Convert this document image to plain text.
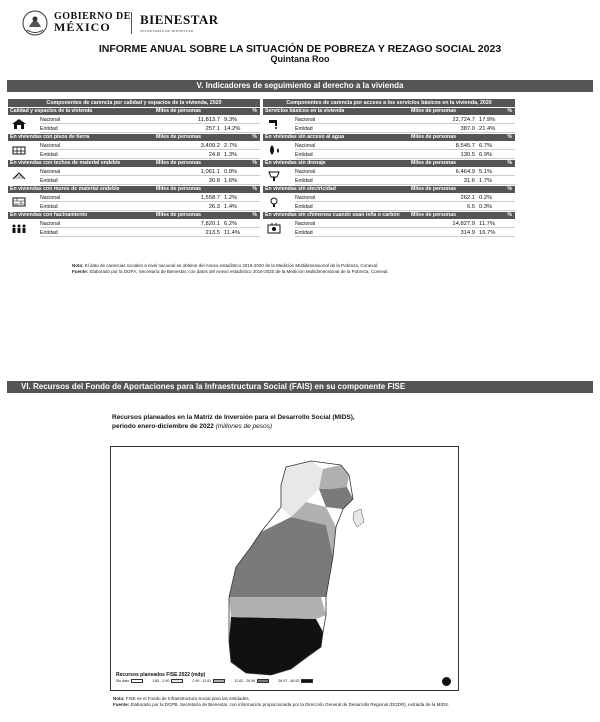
GOBIERNO DE
MÉXICO	BIENESTAR
SECRETARÍA DE BIENESTAR
INFORME ANUAL SOBRE LA SITUACIÓN DE POBREZA Y REZAGO SOCIAL 2023
Quintana Roo
V. Indicadores de seguimiento al derecho a la vivienda
Componentes de carencia por calidad y espacios de la vivienda, 2020
Calidad y espacios de la vivienda	Miles de personas	%
Nacional	11,813.7 9.3%
Entidad	257.1 14.2%
En viviendas con pisos de tierra	Miles de personas	%
Nacional	3,409.2 2.7%
Entidad	24.8 1.3%
En viviendas con techos de material endeble	Miles de personas	%
Nacional	1,061.1 0.8%
Entidad	30.8 1.6%
En viviendas con muros de material endeble	Miles de personas	%
Nacional	1,558.7 1.2%
Entidad	26.3 1.4%
En viviendas con hacinamiento	Miles de personas	%
Nacional	7,820.1 6.2%
Entidad	213.5 11.4%
Componentes de carencia por acceso a los servicios básicos en la vivienda, 2020
Servicios básicos en la vivienda	Miles de personas	%
Nacional	22,724.7 17.9%
Entidad	387.0 21.4%
En viviendas sin acceso al agua	Miles de personas	%
Nacional	8,545.7 6.7%
Entidad	130.5 6.9%
En viviendas sin drenaje	Miles de personas	%
Nacional	6,464.9 5.1%
Entidad	31.6 1.7%
En viviendas sin electricidad	Miles de personas	%
Nacional	262.1 0.2%
Entidad	6.5 0.3%
En viviendas sin chimenea cuando usan leña o carbón para cocinar
Miles de personas	%
Nacional	14,827.9 11.7%
Entidad	314.9 16.7%
Nota: El dato de carencias sociales a nivel nacional se obtiene del Anexo estadístico 2016-2020 de la Medición Multidimensional de la Pobreza, Coneval.
Fuente: Elaborado por la DGPA, Secretaría de Bienestar, con datos del Anexo estadístico 2016-2020 de la Medición Multidimensional de la Pobreza, Coneval.
VI. Recursos del Fondo de Aportaciones para la Infraestructura Social (FAIS) en su componente FISE
Recursos planeados en la Matriz de Inversión para el Desarrollo Social (MIDS),
periodo enero-diciembre de 2022 (millones de pesos)
Recursos planeados FISE 2022 (mdp)
Sin dato	1.80 - 2.90	2.90 - 11.81	11.82 - 26.96	26.97 - 46.92
Nota: FISE es el Fondo de Infraestructura Social para las entidades.
Fuente: Elaborado por la DGPB, Secretaría de Bienestar, con información proporcionada por la Dirección General de Desarrollo Regional (DGDR), extraída de la MIDS.
